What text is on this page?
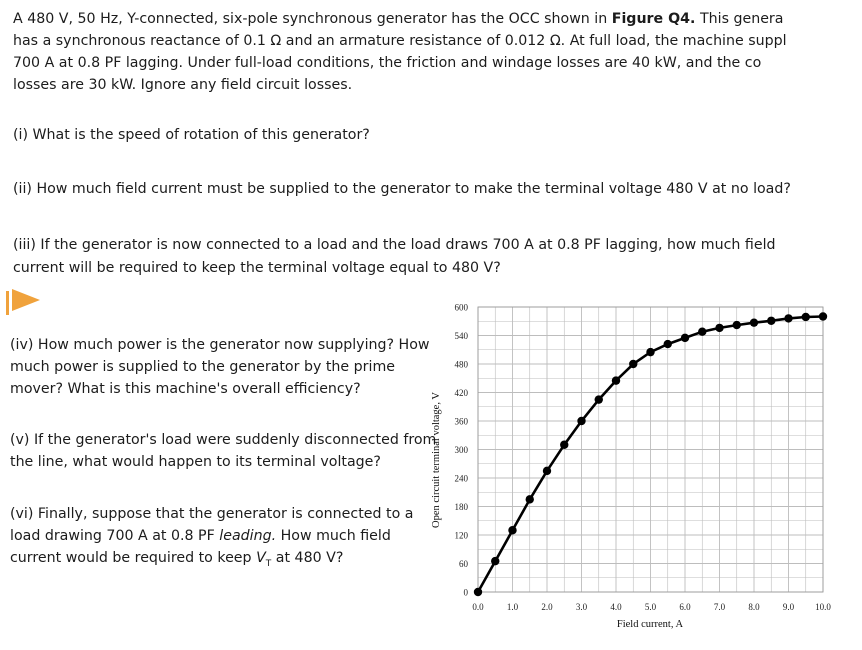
A 480 V, 50 Hz, Y-connected, six-pole synchronous generator has the OCC shown in Figure Q4. This genera
has a synchronous reactance of 0.1 Ω and an armature resistance of 0.012 Ω. At full load, the machine suppl
700 A at 0.8 PF lagging. Under full-load conditions, the friction and windage losses are 40 kW, and the co
losses are 30 kW. Ignore any field circuit losses.
(i) What is the speed of rotation of this generator?
(ii) How much field current must be supplied to the generator to make the terminal voltage 480 V at no load?
(iii) If the generator is now connected to a load and the load draws 700 A at 0.8 PF lagging, how much field
current will be required to keep the terminal voltage equal to 480 V?
(iv) How much power is the generator now supplying? How
much power is supplied to the generator by the prime
mover? What is this machine's overall efficiency?
(v) If the generator's load were suddenly disconnected from
the line, what would happen to its terminal voltage?
(vi) Finally, suppose that the generator is connected to a
load drawing 700 A at 0.8 PF leading. How much field
current would be required to keep $V_T$ at 480 V?
0
60
120
180
240
300
360
420
480
540
600
0.0	1.0	2.0	3.0	4.0	5.0	6.0	7.0	8.0	9.0 10.0
Field current, A
Open circuit terminal voltage, V
